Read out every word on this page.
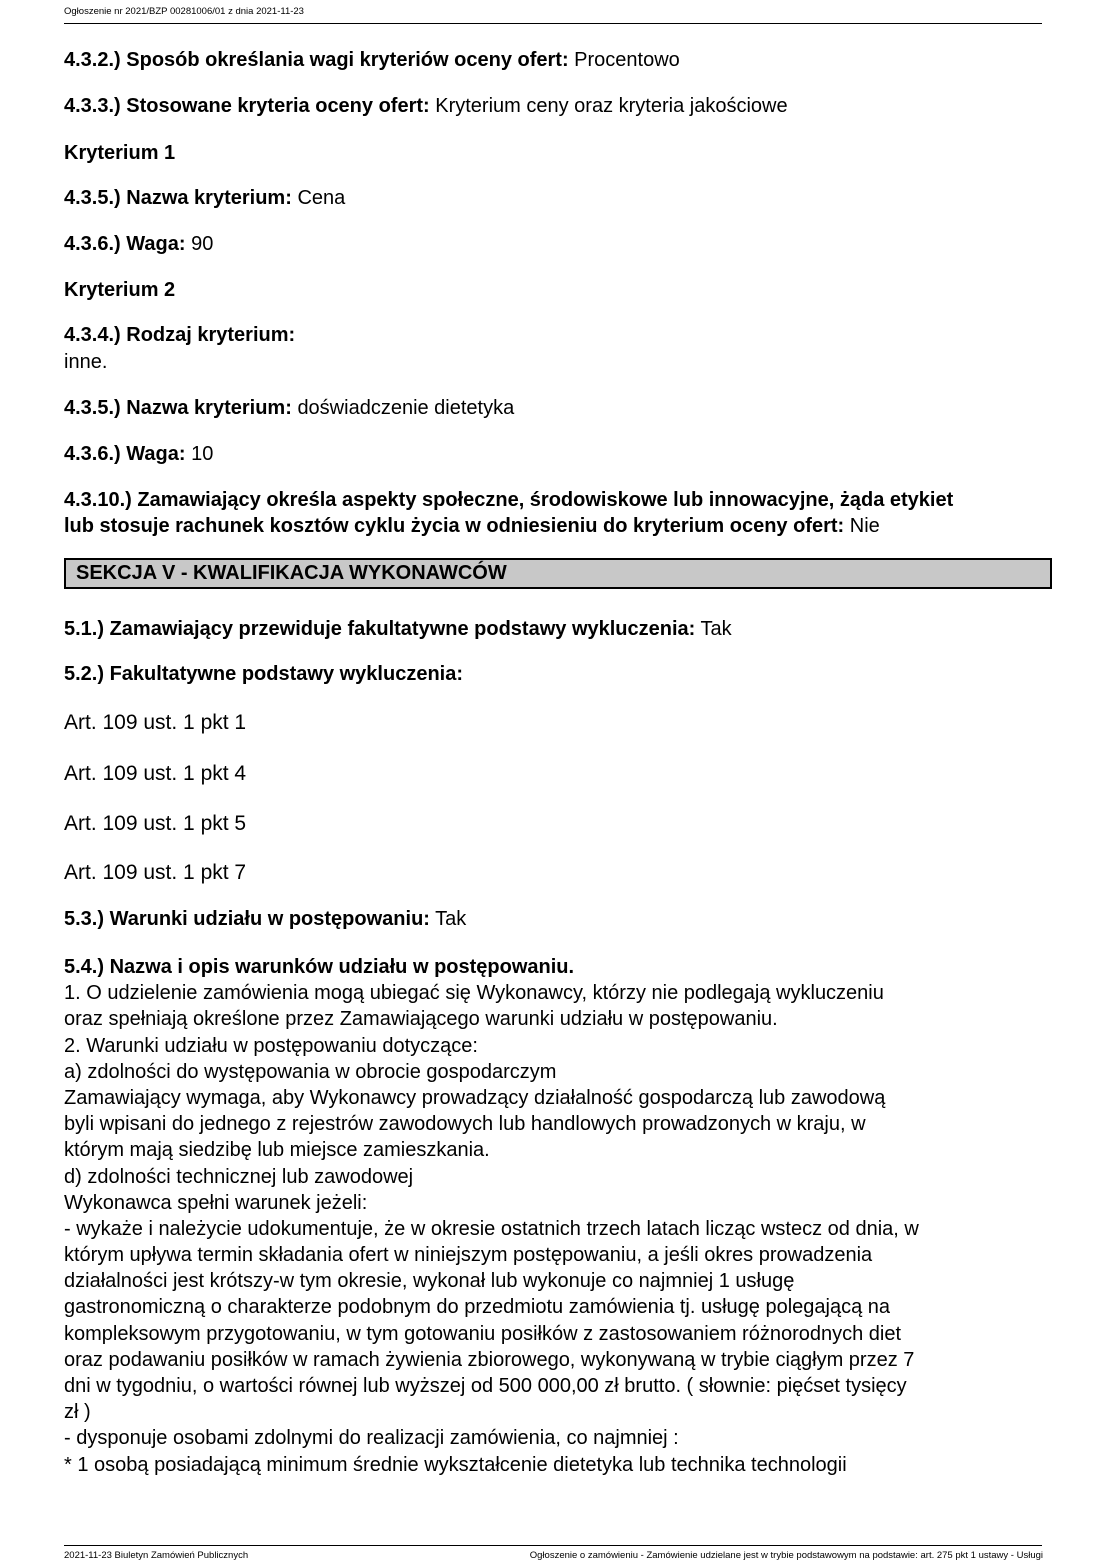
Ogłoszenie nr 2021/BZP 00281006/01 z dnia 2021-11-23
4.3.2.) Sposób określania wagi kryteriów oceny ofert: Procentowo
4.3.3.) Stosowane kryteria oceny ofert: Kryterium ceny oraz kryteria jakościowe
Kryterium 1
4.3.5.) Nazwa kryterium: Cena
4.3.6.) Waga: 90
Kryterium 2
4.3.4.) Rodzaj kryterium:
inne.
4.3.5.) Nazwa kryterium: doświadczenie dietetyka
4.3.6.) Waga: 10
4.3.10.) Zamawiający określa aspekty społeczne, środowiskowe lub innowacyjne, żąda etykiet
lub stosuje rachunek kosztów cyklu życia w odniesieniu do kryterium oceny ofert: Nie
SEKCJA V - KWALIFIKACJA WYKONAWCÓW
5.1.) Zamawiający przewiduje fakultatywne podstawy wykluczenia: Tak
5.2.) Fakultatywne podstawy wykluczenia:
Art. 109 ust. 1 pkt 1
Art. 109 ust. 1 pkt 4
Art. 109 ust. 1 pkt 5
Art. 109 ust. 1 pkt 7
5.3.) Warunki udziału w postępowaniu: Tak
5.4.) Nazwa i opis warunków udziału w postępowaniu.
1. O udzielenie zamówienia mogą ubiegać się Wykonawcy, którzy nie podlegają wykluczeniu
oraz spełniają określone przez Zamawiającego warunki udziału w postępowaniu.
2. Warunki udziału w postępowaniu dotyczące:
a) zdolności do występowania w obrocie gospodarczym
Zamawiający wymaga, aby Wykonawcy prowadzący działalność gospodarczą lub zawodową
byli wpisani do jednego z rejestrów zawodowych lub handlowych prowadzonych w kraju, w
którym mają siedzibę lub miejsce zamieszkania.
d) zdolności technicznej lub zawodowej
Wykonawca spełni warunek jeżeli:
- wykaże i należycie udokumentuje, że w okresie ostatnich trzech latach licząc wstecz od dnia, w
którym upływa termin składania ofert w niniejszym postępowaniu, a jeśli okres prowadzenia
działalności jest krótszy-w tym okresie, wykonał lub wykonuje co najmniej 1 usługę
gastronomiczną o charakterze podobnym do przedmiotu zamówienia tj. usługę polegającą na
kompleksowym przygotowaniu, w tym gotowaniu posiłków z zastosowaniem różnorodnych diet
oraz podawaniu posiłków w ramach żywienia zbiorowego, wykonywaną w trybie ciągłym przez 7
dni w tygodniu, o wartości równej lub wyższej od 500 000,00 zł brutto. ( słownie: pięćset tysięcy
zł )
- dysponuje osobami zdolnymi do realizacji zamówienia, co najmniej :
* 1 osobą posiadającą minimum średnie wykształcenie dietetyka lub technika technologii
2021-11-23 Biuletyn Zamówień Publicznych	Ogłoszenie o zamówieniu - Zamówienie udzielane jest w trybie podstawowym na podstawie: art. 275 pkt 1 ustawy - Usługi
